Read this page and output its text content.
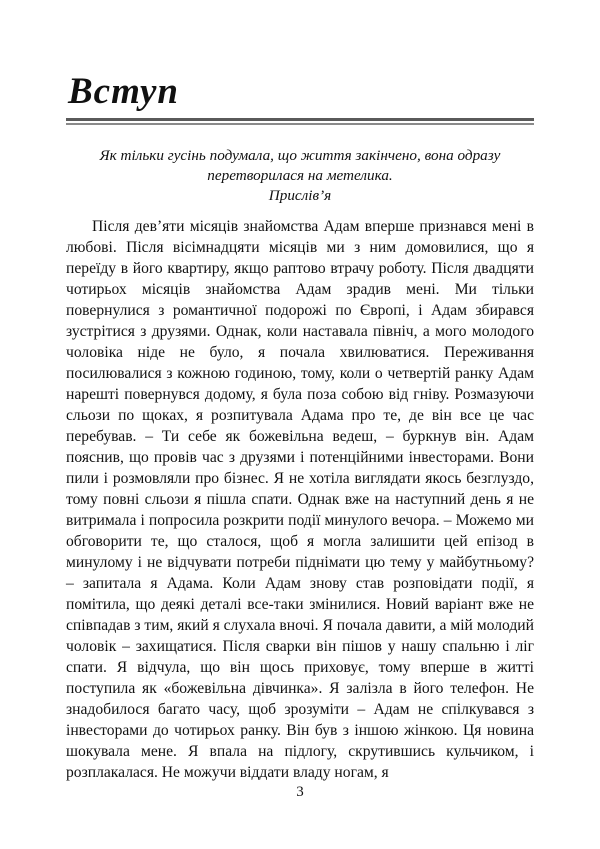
Вступ
Як тільки гусінь подумала, що життя закінчено, вона одразу
перетворилася на метелика.
Прислів’я

Після дев’яти місяців знайомства Адам вперше признався мені в любові. Після вісімнадцяти місяців ми з ним домовилися, що я переїду в його квартиру, якщо раптово втрачу роботу. Після двадцяти чотирьох місяців знайомства Адам зрадив мені. Ми тільки повернулися з романтичної подорожі по Європі, і Адам збирався зустрітися з друзями. Однак, коли наставала північ, а мого молодого чоловіка ніде не було, я почала хвилюватися. Переживання посилювалися з кожною годиною, тому, коли о четвертій ранку Адам нарешті повернувся додому, я була поза собою від гніву. Розмазуючи сльози по щоках, я розпитувала Адама про те, де він все це час перебував. – Ти себе як божевільна ведеш, – буркнув він. Адам пояснив, що провів час з друзями і потенційними інвесторами. Вони пили і розмовляли про бізнес. Я не хотіла виглядати якось безглуздо, тому повні сльози я пішла спати. Однак вже на наступний день я не витримала і попросила розкрити події минулого вечора. – Можемо ми обговорити те, що сталося, щоб я могла залишити цей епізод в минулому і не відчувати потреби піднімати цю тему у майбутньому? – запитала я Адама. Коли Адам знову став розповідати події, я помітила, що деякі деталі все-таки змінилися. Новий варіант вже не співпадав з тим, який я слухала вночі. Я почала давити, а мій молодий чоловік – захищатися. Після сварки він пішов у нашу спальню і ліг спати. Я відчула, що він щось приховує, тому вперше в житті поступила як «божевільна дівчинка». Я залізла в його телефон. Не знадобилося багато часу, щоб зрозуміти – Адам не спілкувався з інвесторами до чотирьох ранку. Він був з іншою жінкою. Ця новина шокувала мене. Я впала на підлогу, скрутившись кульчиком, і розплакалася. Не можучи віддати владу ногам, я

3
